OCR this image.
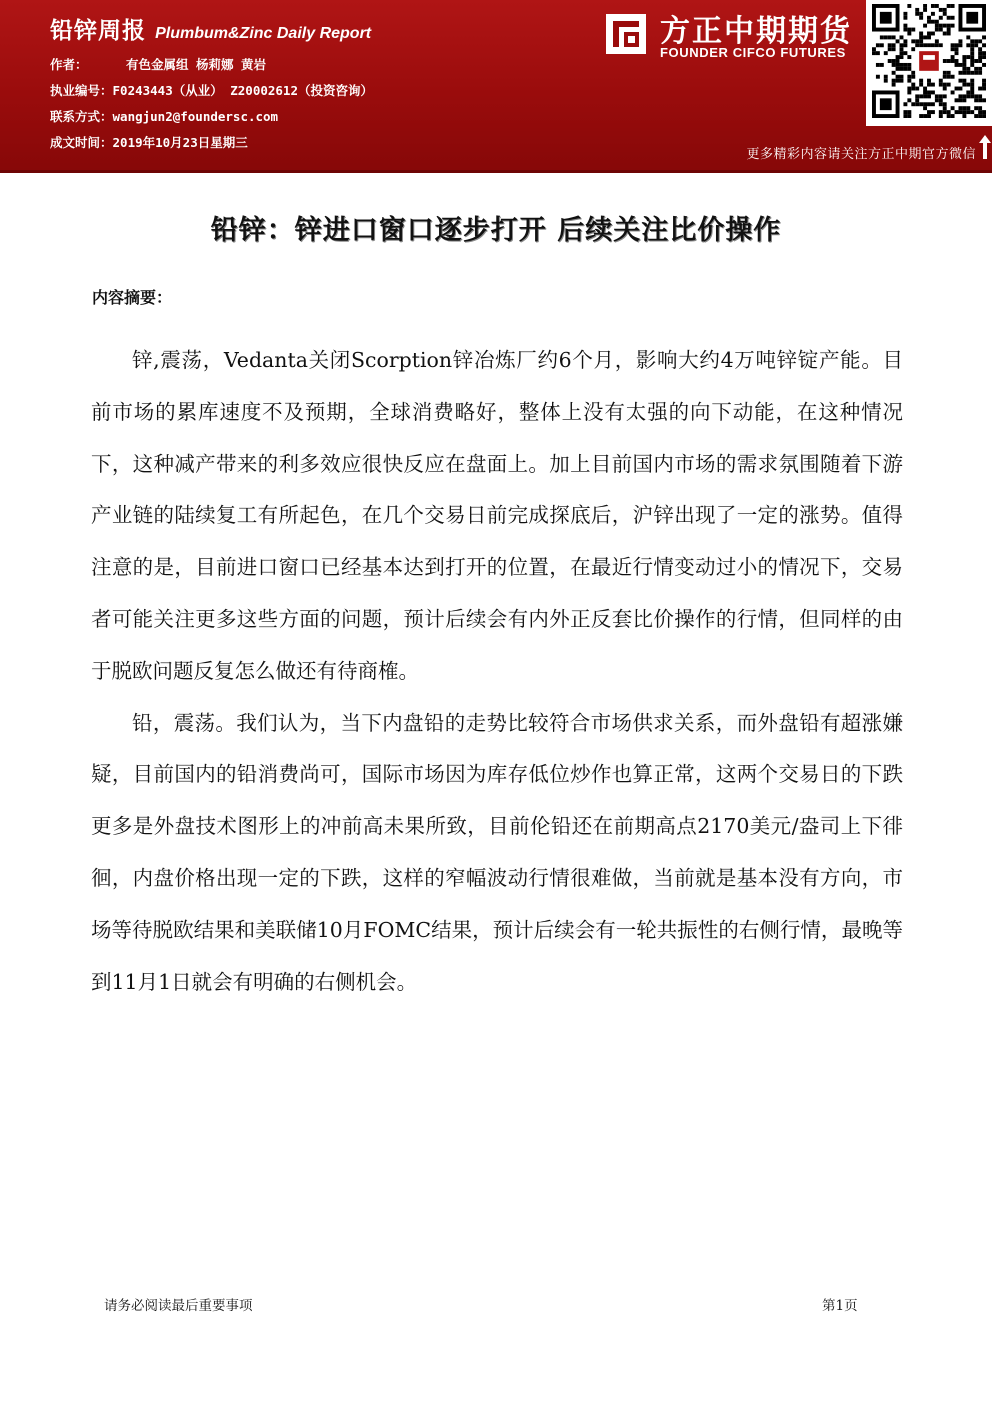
铅锌周报 Plumbum&Zinc Daily Report
作者：	有色金属组 杨莉娜 黄岩
执业编号：F0243443（从业） Z20002612（投资咨询）
联系方式：wangjun2@foundersc.com
成文时间：2019年10月23日星期三
方正中期期货
FOUNDER CIFCO FUTURES
更多精彩内容请关注方正中期官方微信
铅锌：锌进口窗口逐步打开 后续关注比价操作
内容摘要：

锌,震荡，Vedanta关闭Scorption锌冶炼厂约6个月，影响大约4万吨锌锭产能。目前市场的累库速度不及预期，全球消费略好，整体上没有太强的向下动能，在这种情况下，这种减产带来的利多效应很快反应在盘面上。加上目前国内市场的需求氛围随着下游产业链的陆续复工有所起色，在几个交易日前完成探底后，沪锌出现了一定的涨势。值得注意的是，目前进口窗口已经基本达到打开的位置，在最近行情变动过小的情况下，交易者可能关注更多这些方面的问题，预计后续会有内外正反套比价操作的行情，但同样的由于脱欧问题反复怎么做还有待商榷。

铅，震荡。我们认为，当下内盘铅的走势比较符合市场供求关系，而外盘铅有超涨嫌疑，目前国内的铅消费尚可，国际市场因为库存低位炒作也算正常，这两个交易日的下跌更多是外盘技术图形上的冲前高未果所致，目前伦铅还在前期高点2170美元/盎司上下徘徊，内盘价格出现一定的下跌，这样的窄幅波动行情很难做，当前就是基本没有方向，市场等待脱欧结果和美联储10月FOMC结果，预计后续会有一轮共振性的右侧行情，最晚等到11月1日就会有明确的右侧机会。

请务必阅读最后重要事项	第1页
